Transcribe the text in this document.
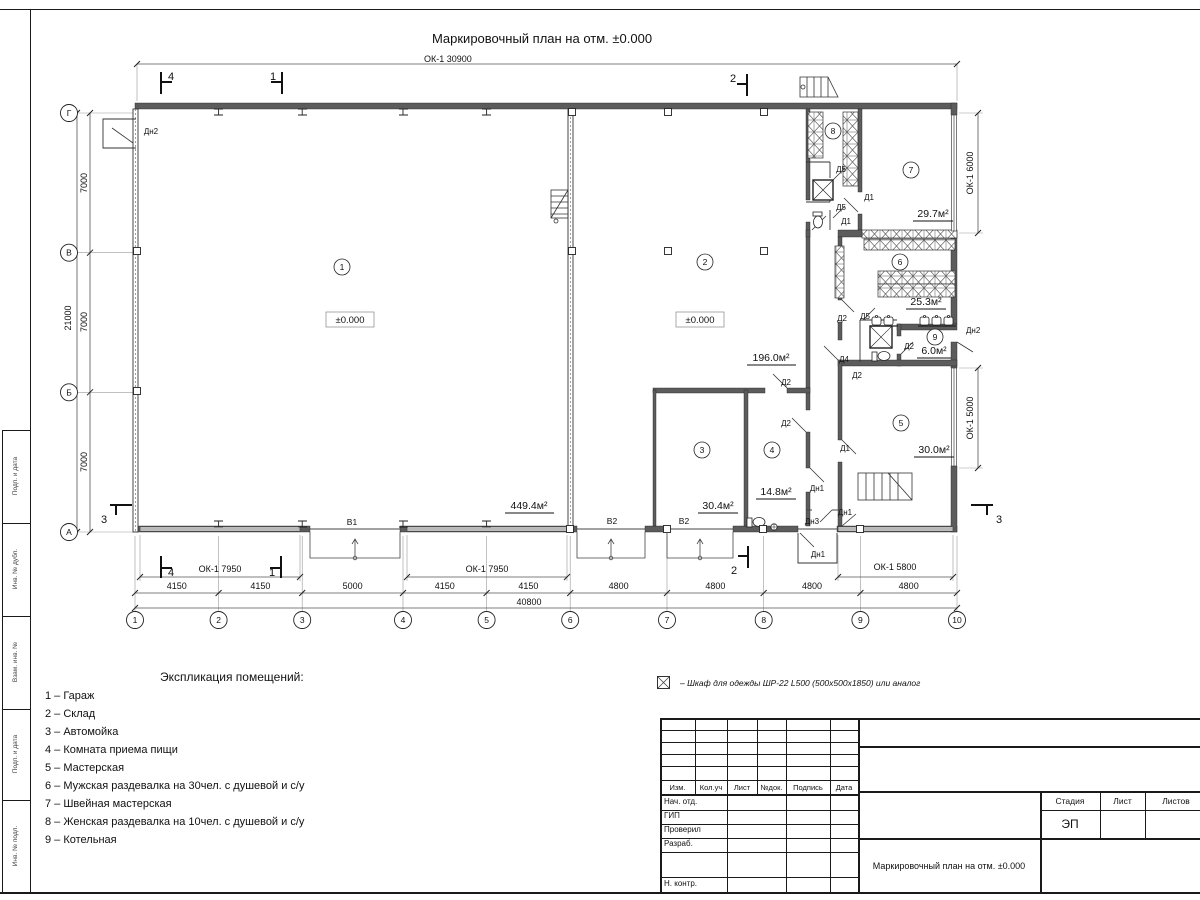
Маркировочный план на отм. ±0.000
ОК-1 30900
4150	4150	5000	4150	4150	4800	4800	4800	4800
40800
ОК-1 7950	ОК-1 7950	ОК-1 5800
7000
7000
7000
21000
ОК-1 6000
ОК-1 5000
1	2	3	4	5	6	7	8	9	10
Г
В
Б
А
1	2
3	4
5
6
7
8
9
±0.000	±0.000
449.4м²
196.0м²
30.4м²
14.8м²
30.0м²
25.3м²
29.7м²
6.0м²
Дн2
Д5
Д5
Д1
Д1
Д2 Д5
Д2
Дн2
Д4
Д2
Д2
Д2
Д1
Дн1
Дн1
Дн3
Дн1
В1	В2	В2
4	1	2
4	1	2
3	3
Экспликация помещений:
1 – Гараж
2 – Склад
3 – Автомойка
4 – Комната приема пищи
5 – Мастерская
6 – Мужская раздевалка на 30чел. с душевой и с/у
7 – Швейная мастерская
8 – Женская раздевалка на 10чел. с душевой и с/у
9 – Котельная
– Шкаф для одежды ШР-22 L500 (500x500x1850) или аналог
Подп. и дата
Инв. № дубл.
Взам. инв. №
Подп. и дата
Инв. № подл.
Изм.	Кол.уч	Лист	№док.	Подпись	Дата
Нач. отд.
ГИП
Проверил
Разраб.
Н. контр.
Стадия	Лист	Листов
ЭП
Маркировочный план на отм. ±0.000
